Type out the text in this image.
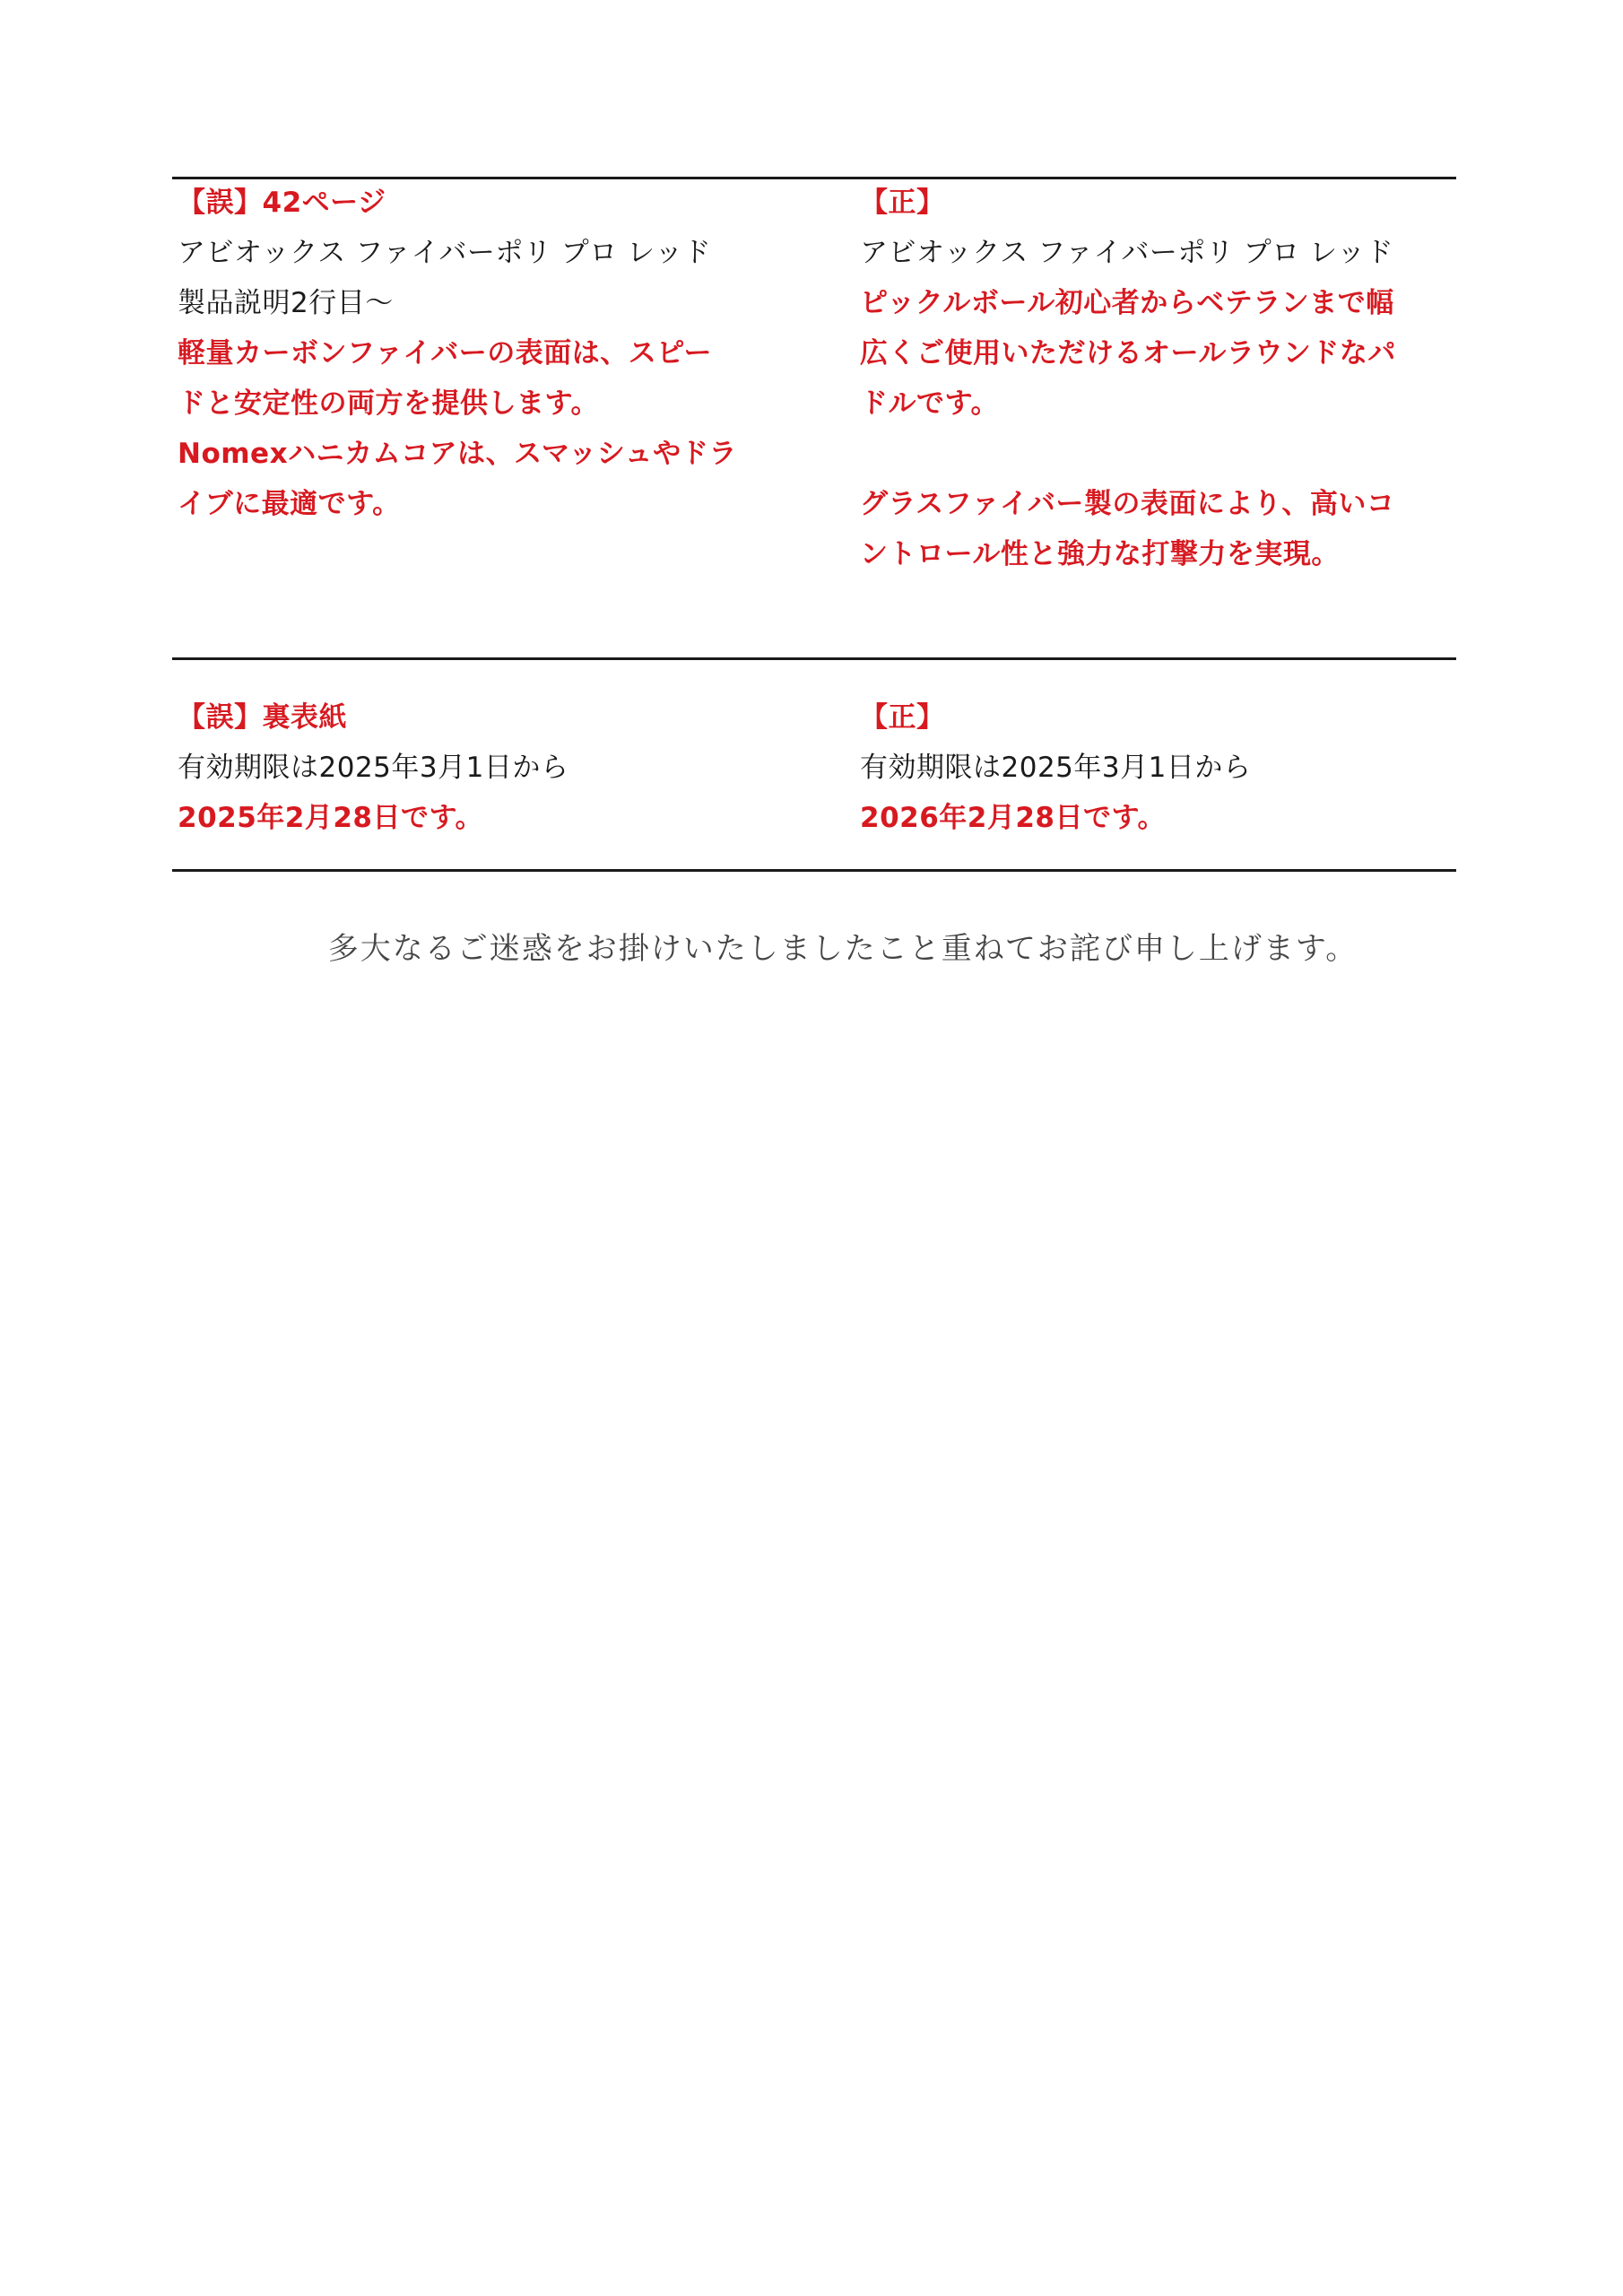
【誤】42ページ
アビオックス ファイバーポリ プロ レッド
製品説明2行目〜
軽量カーボンファイバーの表面は、スピー
ドと安定性の両方を提供します。
Nomexハニカムコアは、スマッシュやドラ
イブに最適です。
【正】
アビオックス ファイバーポリ プロ レッド
ピックルボール初心者からベテランまで幅
広くご使用いただけるオールラウンドなパ
ドルです。
グラスファイバー製の表面により、高いコ
ントロール性と強力な打撃力を実現。
【誤】裏表紙
有効期限は2025年3月1日から
2025年2月28日です。
【正】
有効期限は2025年3月1日から
2026年2月28日です。
多大なるご迷惑をお掛けいたしましたこと重ねてお詫び申し上げます。
